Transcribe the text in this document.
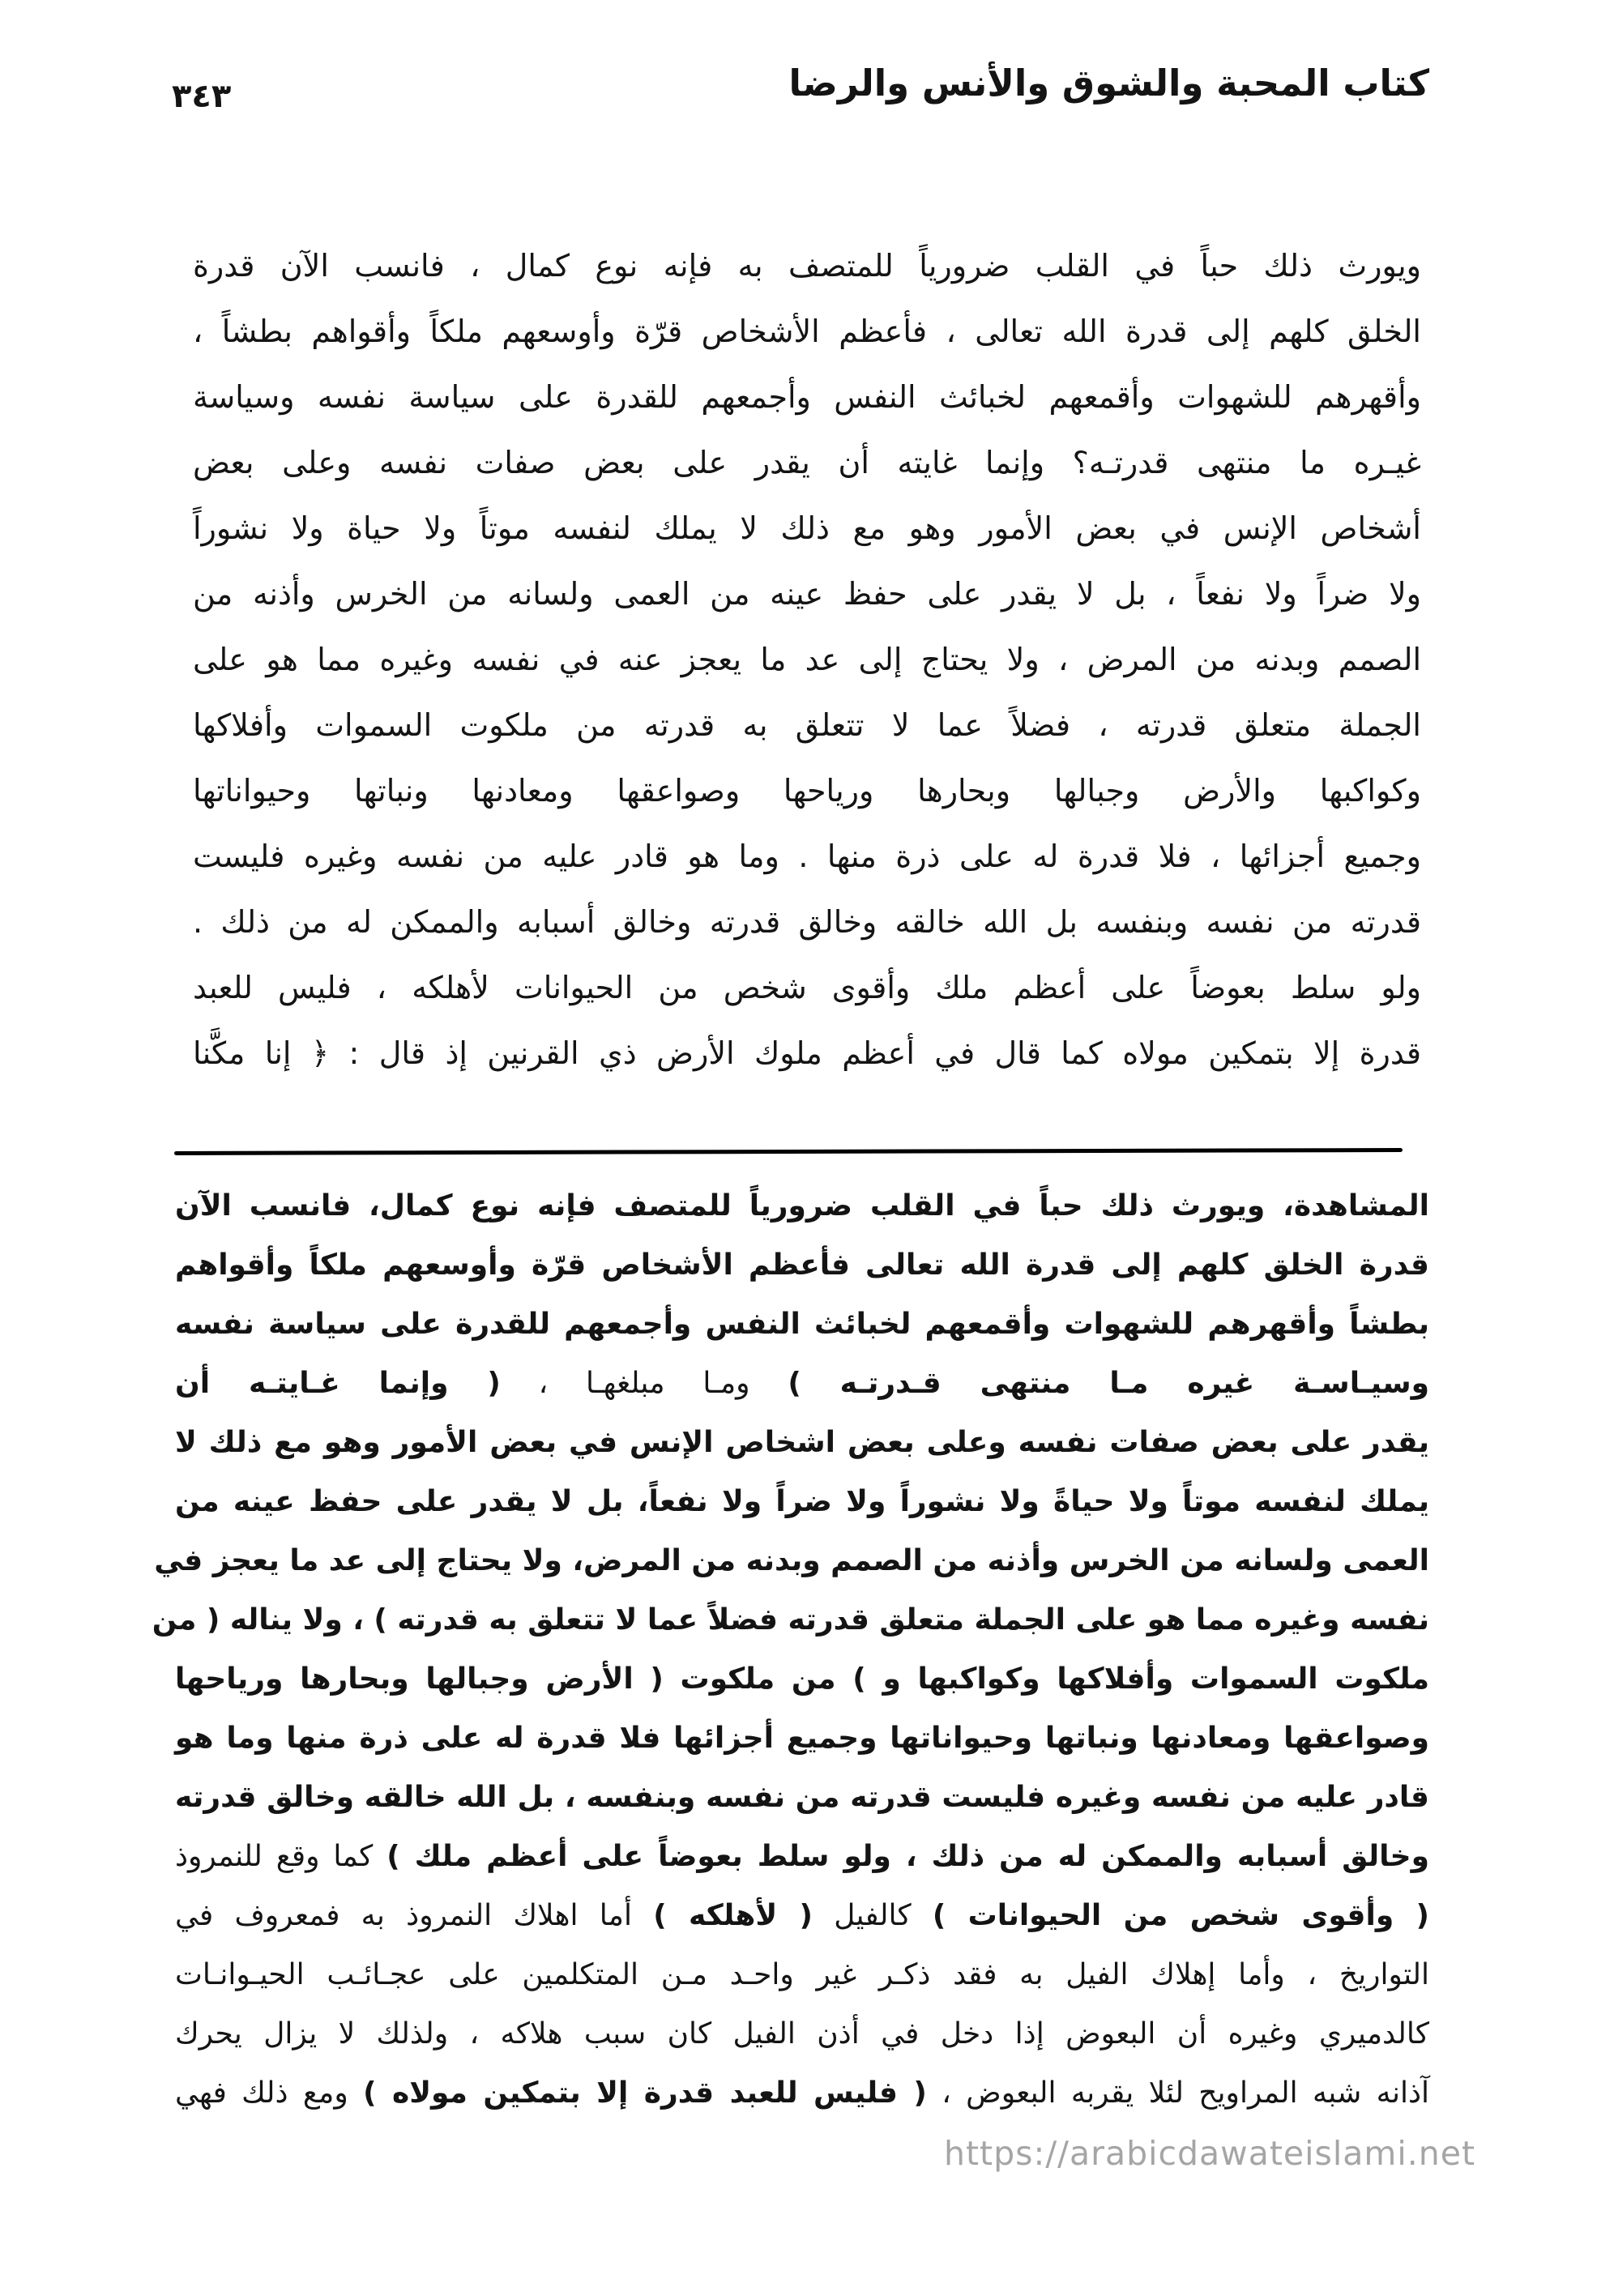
٣٤٣	كتاب المحبة والشوق والأنس والرضا
ويورث ذلك حباً في القلب ضرورياً للمتصف به فإنه نوع كمال ، فانسب الآن قدرة
الخلق كلهم إلى قدرة الله تعالى ، فأعظم الأشخاص قرّة وأوسعهم ملكاً وأقواهم بطشاً ،
وأقهرهم للشهوات وأقمعهم لخبائث النفس وأجمعهم للقدرة على سياسة نفسه وسياسة
غيـره ما منتهى قدرتـه؟ وإنما غايته أن يقدر على بعض صفات نفسه وعلى بعض
أشخاص الإنس في بعض الأمور وهو مع ذلك لا يملك لنفسه موتاً ولا حياة ولا نشوراً
ولا ضراً ولا نفعاً ، بل لا يقدر على حفظ عينه من العمى ولسانه من الخرس وأذنه من
الصمم وبدنه من المرض ، ولا يحتاج إلى عد ما يعجز عنه في نفسه وغيره مما هو على
الجملة متعلق قدرته ، فضلاً عما لا تتعلق به قدرته من ملكوت السموات وأفلاكها
وكواكبها والأرض وجبالها وبحارها ورياحها وصواعقها ومعادنها ونباتها وحيواناتها
وجميع أجزائها ، فلا قدرة له على ذرة منها . وما هو قادر عليه من نفسه وغيره فليست
قدرته من نفسه وبنفسه بل الله خالقه وخالق قدرته وخالق أسبابه والممكن له من ذلك .
ولو سلط بعوضاً على أعظم ملك وأقوى شخص من الحيوانات لأهلكه ، فليس للعبد
قدرة إلا بتمكين مولاه كما قال في أعظم ملوك الأرض ذي القرنين إذ قال : ﴿ إنا مكَّنا
المشاهدة، ويورث ذلك حباً في القلب ضرورياً للمتصف فإنه نوع كمال، فانسب الآن
قدرة الخلق كلهم إلى قدرة الله تعالى فأعظم الأشخاص قرّة وأوسعهم ملكاً وأقواهم
بطشاً وأقهرهم للشهوات وأقمعهم لخبائث النفس وأجمعهم للقدرة على سياسة نفسه
وسيـاسـة غيره مـا منتهى قـدرتـه ) ومـا مبلغهـا ، ( وإنما غـايتـه أن
يقدر على بعض صفات نفسه وعلى بعض اشخاص الإنس في بعض الأمور وهو مع ذلك لا
يملك لنفسه موتاً ولا حياةً ولا نشوراً ولا ضراً ولا نفعاً، بل لا يقدر على حفظ عينه من
العمى ولسانه من الخرس وأذنه من الصمم وبدنه من المرض، ولا يحتاج إلى عد ما يعجز في
نفسه وغيره مما هو على الجملة متعلق قدرته فضلاً عما لا تتعلق به قدرته ) ، ولا يناله ( من
ملكوت السموات وأفلاكها وكواكبها و ) من ملكوت ( الأرض وجبالها وبحارها ورياحها
وصواعقها ومعادنها ونباتها وحيواناتها وجميع أجزائها فلا قدرة له على ذرة منها وما هو
قادر عليه من نفسه وغيره فليست قدرته من نفسه وبنفسه ، بل الله خالقه وخالق قدرته
وخالق أسبابه والممكن له من ذلك ، ولو سلط بعوضاً على أعظم ملك ) كما وقع للنمروذ
( وأقوى شخص من الحيوانات ) كالفيل ( لأهلكه ) أما اهلاك النمروذ به فمعروف في
التواريخ ، وأما إهلاك الفيل به فقد ذكـر غير واحـد مـن المتكلمين على عجـائـب الحيـوانـات
كالدميري وغيره أن البعوض إذا دخل في أذن الفيل كان سبب هلاكه ، ولذلك لا يزال يحرك
آذانه شبه المراويح لئلا يقربه البعوض ، ( فليس للعبد قدرة إلا بتمكين مولاه ) ومع ذلك فهي
https://arabicdawateislami.net
